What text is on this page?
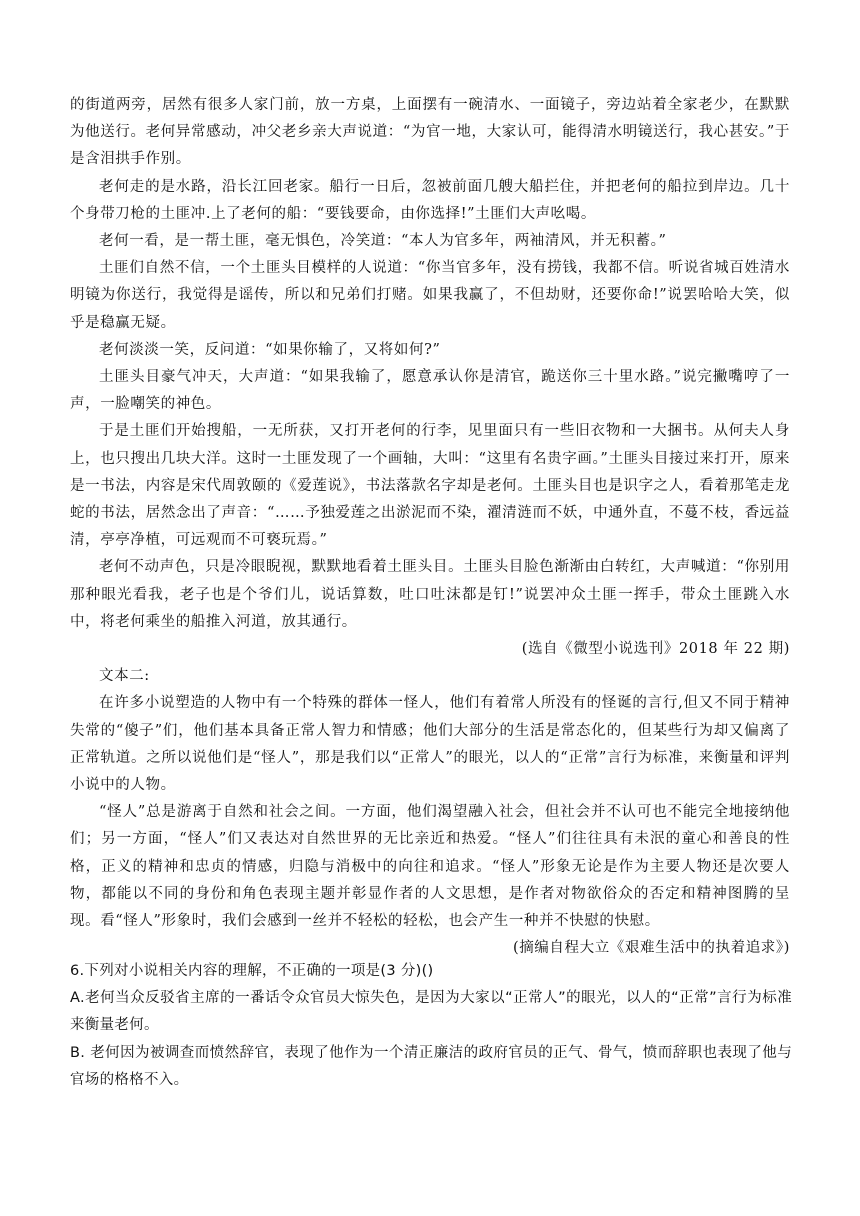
的街道两旁，居然有很多人家门前，放一方桌，上面摆有一碗清水、一面镜子，旁边站着全家老少，在默默为他送行。老何异常感动，冲父老乡亲大声说道：“为官一地，大家认可，能得清水明镜送行，我心甚安。”于是含泪拱手作别。

老何走的是水路，沿长江回老家。船行一日后，忽被前面几艘大船拦住，并把老何的船拉到岸边。几十个身带刀枪的土匪冲.上了老何的船：“要钱要命，由你选择!”土匪们大声吆喝。

老何一看，是一帮土匪，毫无惧色，冷笑道：“本人为官多年，两袖清风，并无积蓄。”

土匪们自然不信，一个土匪头目模样的人说道：“你当官多年，没有捞钱，我都不信。听说省城百姓清水明镜为你送行，我觉得是谣传，所以和兄弟们打赌。如果我赢了，不但劫财，还要你命!”说罢哈哈大笑，似乎是稳赢无疑。

老何淡淡一笑，反问道：“如果你输了，又将如何?”

土匪头目豪气冲天，大声道：“如果我输了，愿意承认你是清官，跪送你三十里水路。”说完撇嘴哼了一声，一脸嘲笑的神色。

于是土匪们开始搜船，一无所获，又打开老何的行李，见里面只有一些旧衣物和一大捆书。从何夫人身上，也只搜出几块大洋。这时一土匪发现了一个画轴，大叫：“这里有名贵字画。”土匪头目接过来打开，原来是一书法，内容是宋代周敦颐的《爱莲说》，书法落款名字却是老何。土匪头目也是识字之人，看着那笔走龙蛇的书法，居然念出了声音：“……予独爱莲之出淤泥而不染，濯清涟而不妖，中通外直，不蔓不枝，香远益清，亭亭净植，可远观而不可亵玩焉。”

老何不动声色，只是冷眼睨视，默默地看着土匪头目。土匪头目脸色渐渐由白转红，大声喊道：“你别用那种眼光看我，老子也是个爷们儿，说话算数，吐口吐沫都是钉!”说罢冲众土匪一挥手，带众土匪跳入水中，将老何乘坐的船推入河道，放其通行。

(选自《微型小说选刊》2018 年 22 期)

文本二:

在许多小说塑造的人物中有一个特殊的群体一怪人，他们有着常人所没有的怪诞的言行,但又不同于精神失常的“傻子”们，他们基本具备正常人智力和情感；他们大部分的生活是常态化的，但某些行为却又偏离了正常轨道。之所以说他们是“怪人”，那是我们以“正常人”的眼光，以人的“正常”言行为标准，来衡量和评判小说中的人物。

“怪人”总是游离于自然和社会之间。一方面，他们渴望融入社会，但社会并不认可也不能完全地接纳他们；另一方面，“怪人”们又表达对自然世界的无比亲近和热爱。“怪人”们往往具有未泯的童心和善良的性格，正义的精神和忠贞的情感，归隐与消极中的向往和追求。“怪人”形象无论是作为主要人物还是次要人物，都能以不同的身份和角色表现主题并彰显作者的人文思想，是作者对物欲俗众的否定和精神图腾的呈现。看“怪人”形象时，我们会感到一丝并不轻松的轻松，也会产生一种并不快慰的快慰。

(摘编自程大立《艰难生活中的执着追求》)

6.下列对小说相关内容的理解，不正确的一项是(3 分)()

A.老何当众反驳省主席的一番话令众官员大惊失色，是因为大家以“正常人”的眼光，以人的“正常”言行为标准来衡量老何。

B. 老何因为被调查而愤然辞官，表现了他作为一个清正廉洁的政府官员的正气、骨气，愤而辞职也表现了他与官场的格格不入。
